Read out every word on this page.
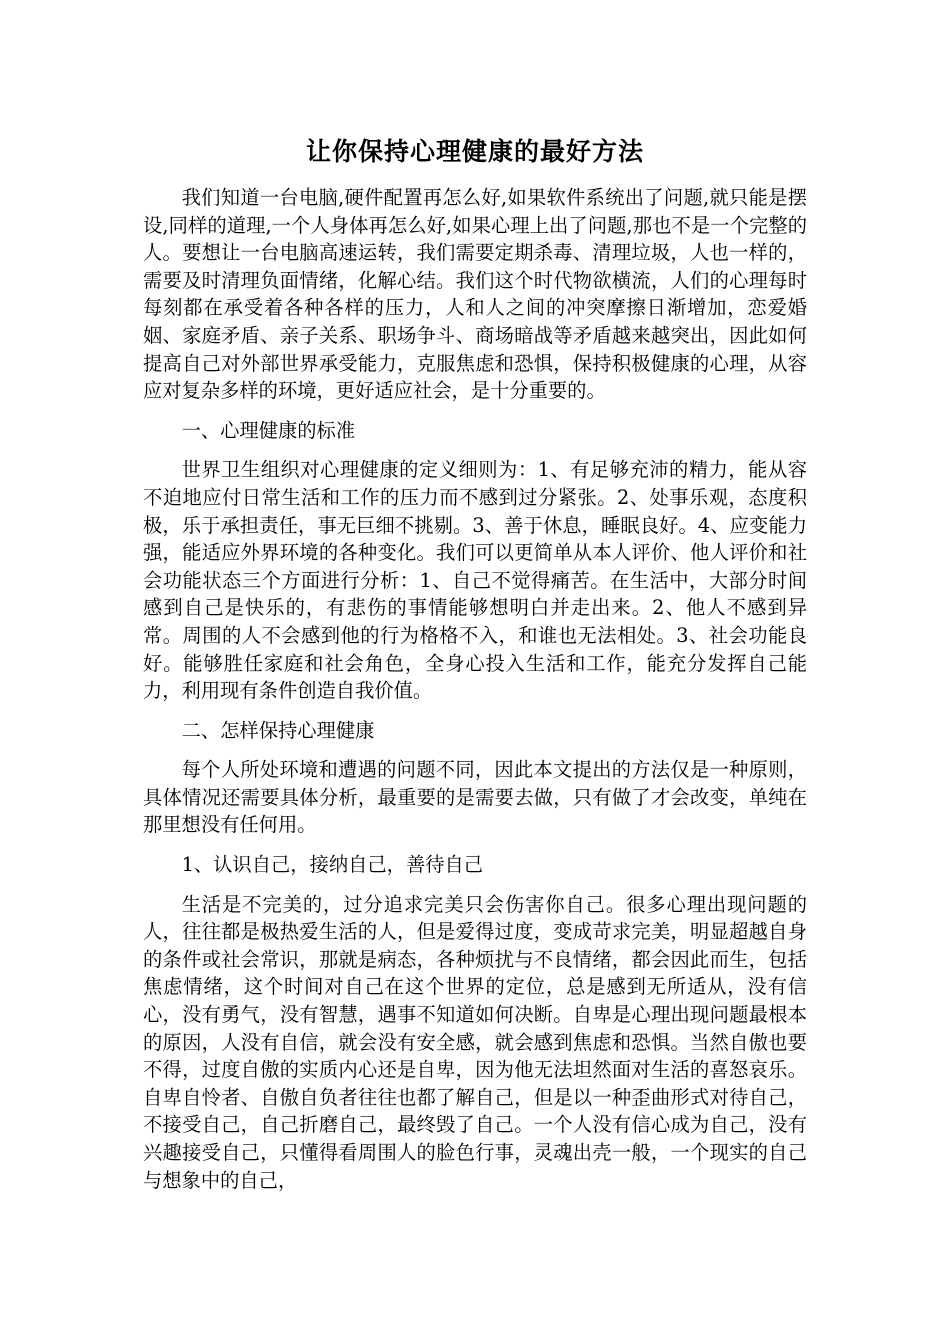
让你保持心理健康的最好方法

我们知道一台电脑,硬件配置再怎么好,如果软件系统出了问题,就只能是摆设,同样的道理,一个人身体再怎么好,如果心理上出了问题,那也不是一个完整的人。要想让一台电脑高速运转，我们需要定期杀毒、清理垃圾，人也一样的，需要及时清理负面情绪，化解心结。我们这个时代物欲横流，人们的心理每时每刻都在承受着各种各样的压力，人和人之间的冲突摩擦日渐增加，恋爱婚姻、家庭矛盾、亲子关系、职场争斗、商场暗战等矛盾越来越突出，因此如何提高自己对外部世界承受能力，克服焦虑和恐惧，保持积极健康的心理，从容应对复杂多样的环境，更好适应社会，是十分重要的。

一、心理健康的标准

世界卫生组织对心理健康的定义细则为：1、有足够充沛的精力，能从容不迫地应付日常生活和工作的压力而不感到过分紧张。2、处事乐观，态度积极，乐于承担责任，事无巨细不挑剔。3、善于休息，睡眠良好。4、应变能力强，能适应外界环境的各种变化。我们可以更简单从本人评价、他人评价和社会功能状态三个方面进行分析：1、自己不觉得痛苦。在生活中，大部分时间感到自己是快乐的，有悲伤的事情能够想明白并走出来。2、他人不感到异常。周围的人不会感到他的行为格格不入，和谁也无法相处。3、社会功能良好。能够胜任家庭和社会角色，全身心投入生活和工作，能充分发挥自己能力，利用现有条件创造自我价值。

二、怎样保持心理健康

每个人所处环境和遭遇的问题不同，因此本文提出的方法仅是一种原则，具体情况还需要具体分析，最重要的是需要去做，只有做了才会改变，单纯在那里想没有任何用。

1、认识自己，接纳自己，善待自己

生活是不完美的，过分追求完美只会伤害你自己。很多心理出现问题的人，往往都是极热爱生活的人，但是爱得过度，变成苛求完美，明显超越自身的条件或社会常识，那就是病态，各种烦扰与不良情绪，都会因此而生，包括焦虑情绪，这个时间对自己在这个世界的定位，总是感到无所适从，没有信心，没有勇气，没有智慧，遇事不知道如何决断。自卑是心理出现问题最根本的原因，人没有自信，就会没有安全感，就会感到焦虑和恐惧。当然自傲也要不得，过度自傲的实质内心还是自卑，因为他无法坦然面对生活的喜怒哀乐。自卑自怜者、自傲自负者往往也都了解自己，但是以一种歪曲形式对待自己，不接受自己，自己折磨自己，最终毁了自己。一个人没有信心成为自己，没有兴趣接受自己，只懂得看周围人的脸色行事，灵魂出壳一般，一个现实的自己与想象中的自己，
